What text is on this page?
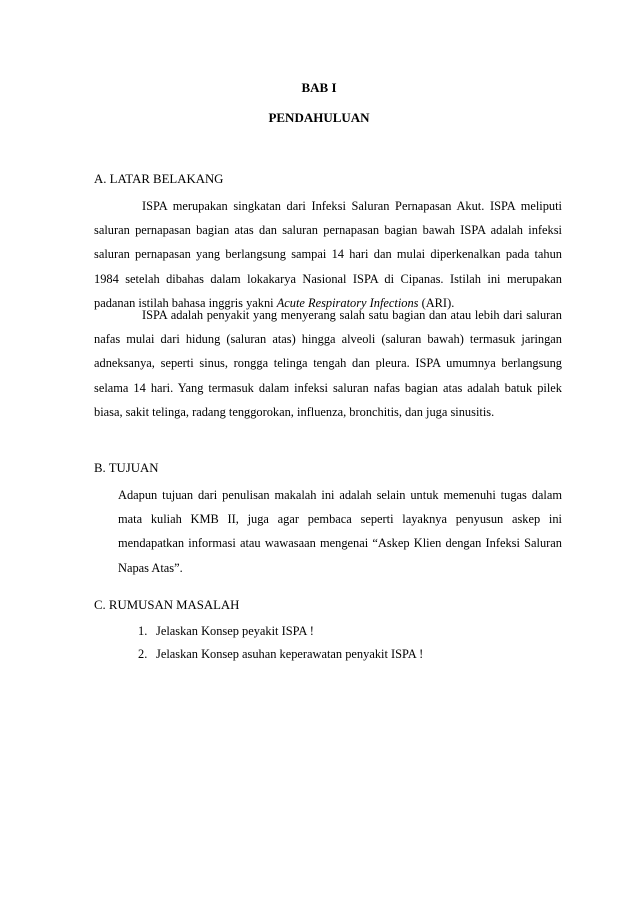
BAB I
PENDAHULUAN
A. LATAR BELAKANG

ISPA merupakan singkatan dari Infeksi Saluran Pernapasan Akut. ISPA meliputi saluran pernapasan bagian atas dan saluran pernapasan bagian bawah ISPA adalah infeksi saluran pernapasan yang berlangsung sampai 14 hari dan mulai diperkenalkan pada tahun 1984 setelah dibahas dalam lokakarya Nasional ISPA di Cipanas. Istilah ini merupakan padanan istilah bahasa inggris yakni Acute Respiratory Infections (ARI).

ISPA adalah penyakit yang menyerang salah satu bagian dan atau lebih dari saluran nafas mulai dari hidung (saluran atas) hingga alveoli (saluran bawah) termasuk jaringan adneksanya, seperti sinus, rongga telinga tengah dan pleura. ISPA umumnya berlangsung selama 14 hari. Yang termasuk dalam infeksi saluran nafas bagian atas adalah batuk pilek biasa, sakit telinga, radang tenggorokan, influenza, bronchitis, dan juga sinusitis.

B. TUJUAN

Adapun tujuan dari penulisan makalah ini adalah selain untuk memenuhi tugas dalam mata kuliah KMB II, juga agar pembaca seperti layaknya penyusun askep ini mendapatkan informasi atau wawasaan mengenai “Askep Klien dengan Infeksi Saluran Napas Atas”.

C. RUMUSAN MASALAH
1. Jelaskan Konsep peyakit ISPA !
2. Jelaskan Konsep asuhan keperawatan penyakit ISPA !
